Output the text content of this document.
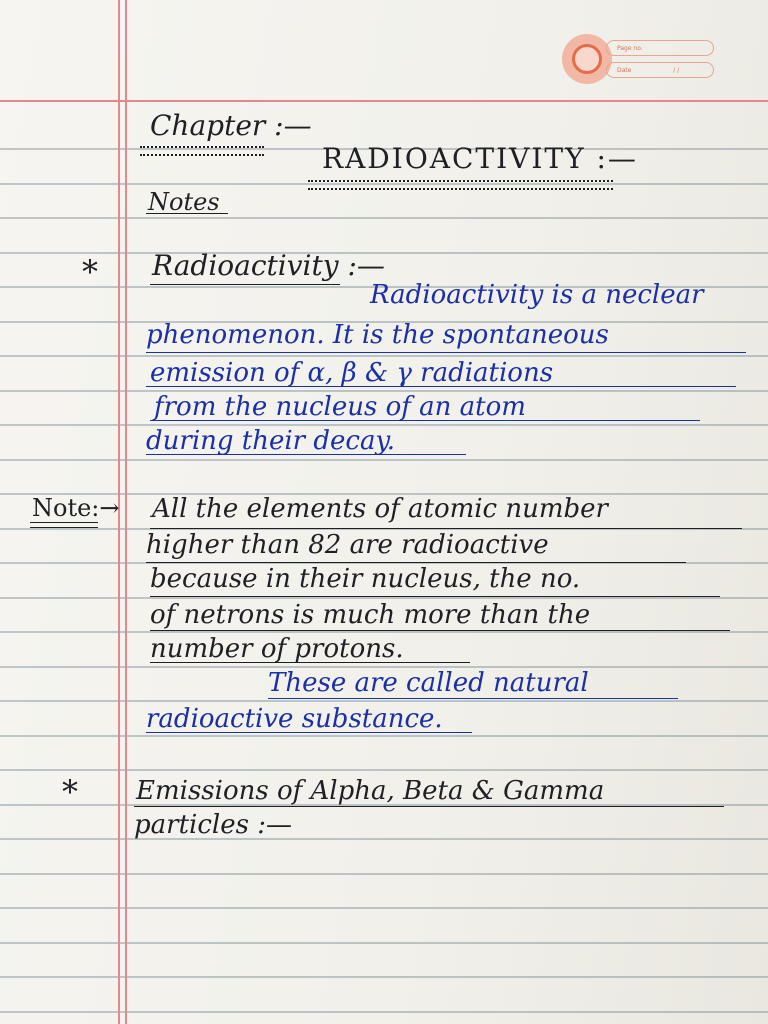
Page no.
Date	/ /
Chapter :—
RADIOACTIVITY :—
Notes
* Radioactivity :—
Radioactivity is a neclear
phenomenon. It is the spontaneous
emission of α, β & γ radiations
from the nucleus of an atom
during their decay.
Note:→ All the elements of atomic number
higher than 82 are radioactive
because in their nucleus, the no.
of netrons is much more than the
number of protons.
These are called natural
radioactive substance.
* Emissions of Alpha, Beta & Gamma
particles :—
